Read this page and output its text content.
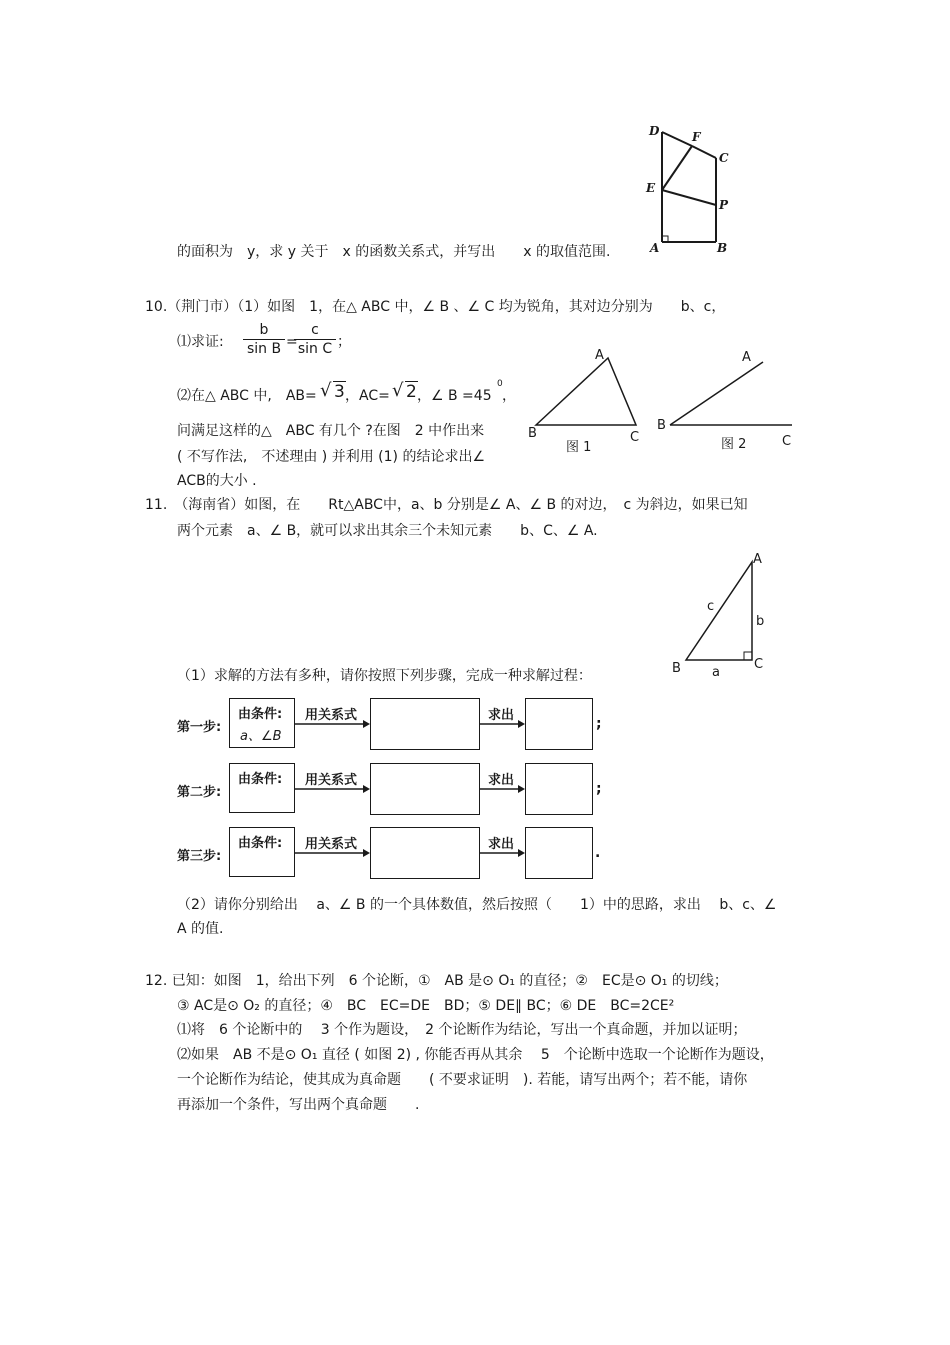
的面积为　y，求 y 关于　x 的函数关系式，并写出　　x 的取值范围.
D	F
C
E
P
A	B
10.（荆门市）（1）如图　1，在△ ABC 中，∠ B 、∠ C 均为锐角，其对边分别为　　b、c，
⑴求证: $\frac{b}{\text{sin B}}$ =
$\frac{c}{\text{sin C}}$ ；
⑵在△ ABC 中,　AB= √ 3 ，AC= √ 2 ，∠ B =45
0
，
问满足这样的△　ABC 有几个 ?在图　2 中作出来
( 不写作法,　不述理由 ) 并利用 (1) 的结论求出∠
ACB的大小 .
A
B	C
图 1
A
B
C
图 2
11.　（海南省）如图，在　　Rt△ABC中，a、b 分别是∠ A、∠ B 的对边，　c 为斜边，如果已知
两个元素　a、∠ B，就可以求出其余三个未知元素　　b、C、∠ A.
A
B	C
c
b
a
（1）求解的方法有多种，请你按照下列步骤，完成一种求解过程：
第一步:
由条件:
a、∠B
用关系式	求出
;
第二步:
由条件: 用关系式	求出
;
第三步:
由条件: 用关系式	求出
.
（2）请你分别给出　 a、∠ B 的一个具体数值，然后按照（　　1）中的思路，求出　 b、c、∠
A 的值.
12. 已知：如图　1，给出下列　6 个论断，①　AB 是⊙ O₁ 的直径；②　EC是⊙ O₁ 的切线；
③ AC是⊙ O₂ 的直径；④　BC　EC=DE　BD；⑤ DE∥ BC；⑥ DE　BC=2CE²
⑴将　6 个论断中的　 3 个作为题设，　2 个论断作为结论，写出一个真命题，并加以证明；
⑵如果　AB 不是⊙ O₁ 直径 ( 如图 2) , 你能否再从其余　 5　个论断中选取一个论断作为题设，
一个论断作为结论，使其成为真命题　　( 不要求证明　). 若能，请写出两个；若不能，请你
再添加一个条件，写出两个真命题　　.
